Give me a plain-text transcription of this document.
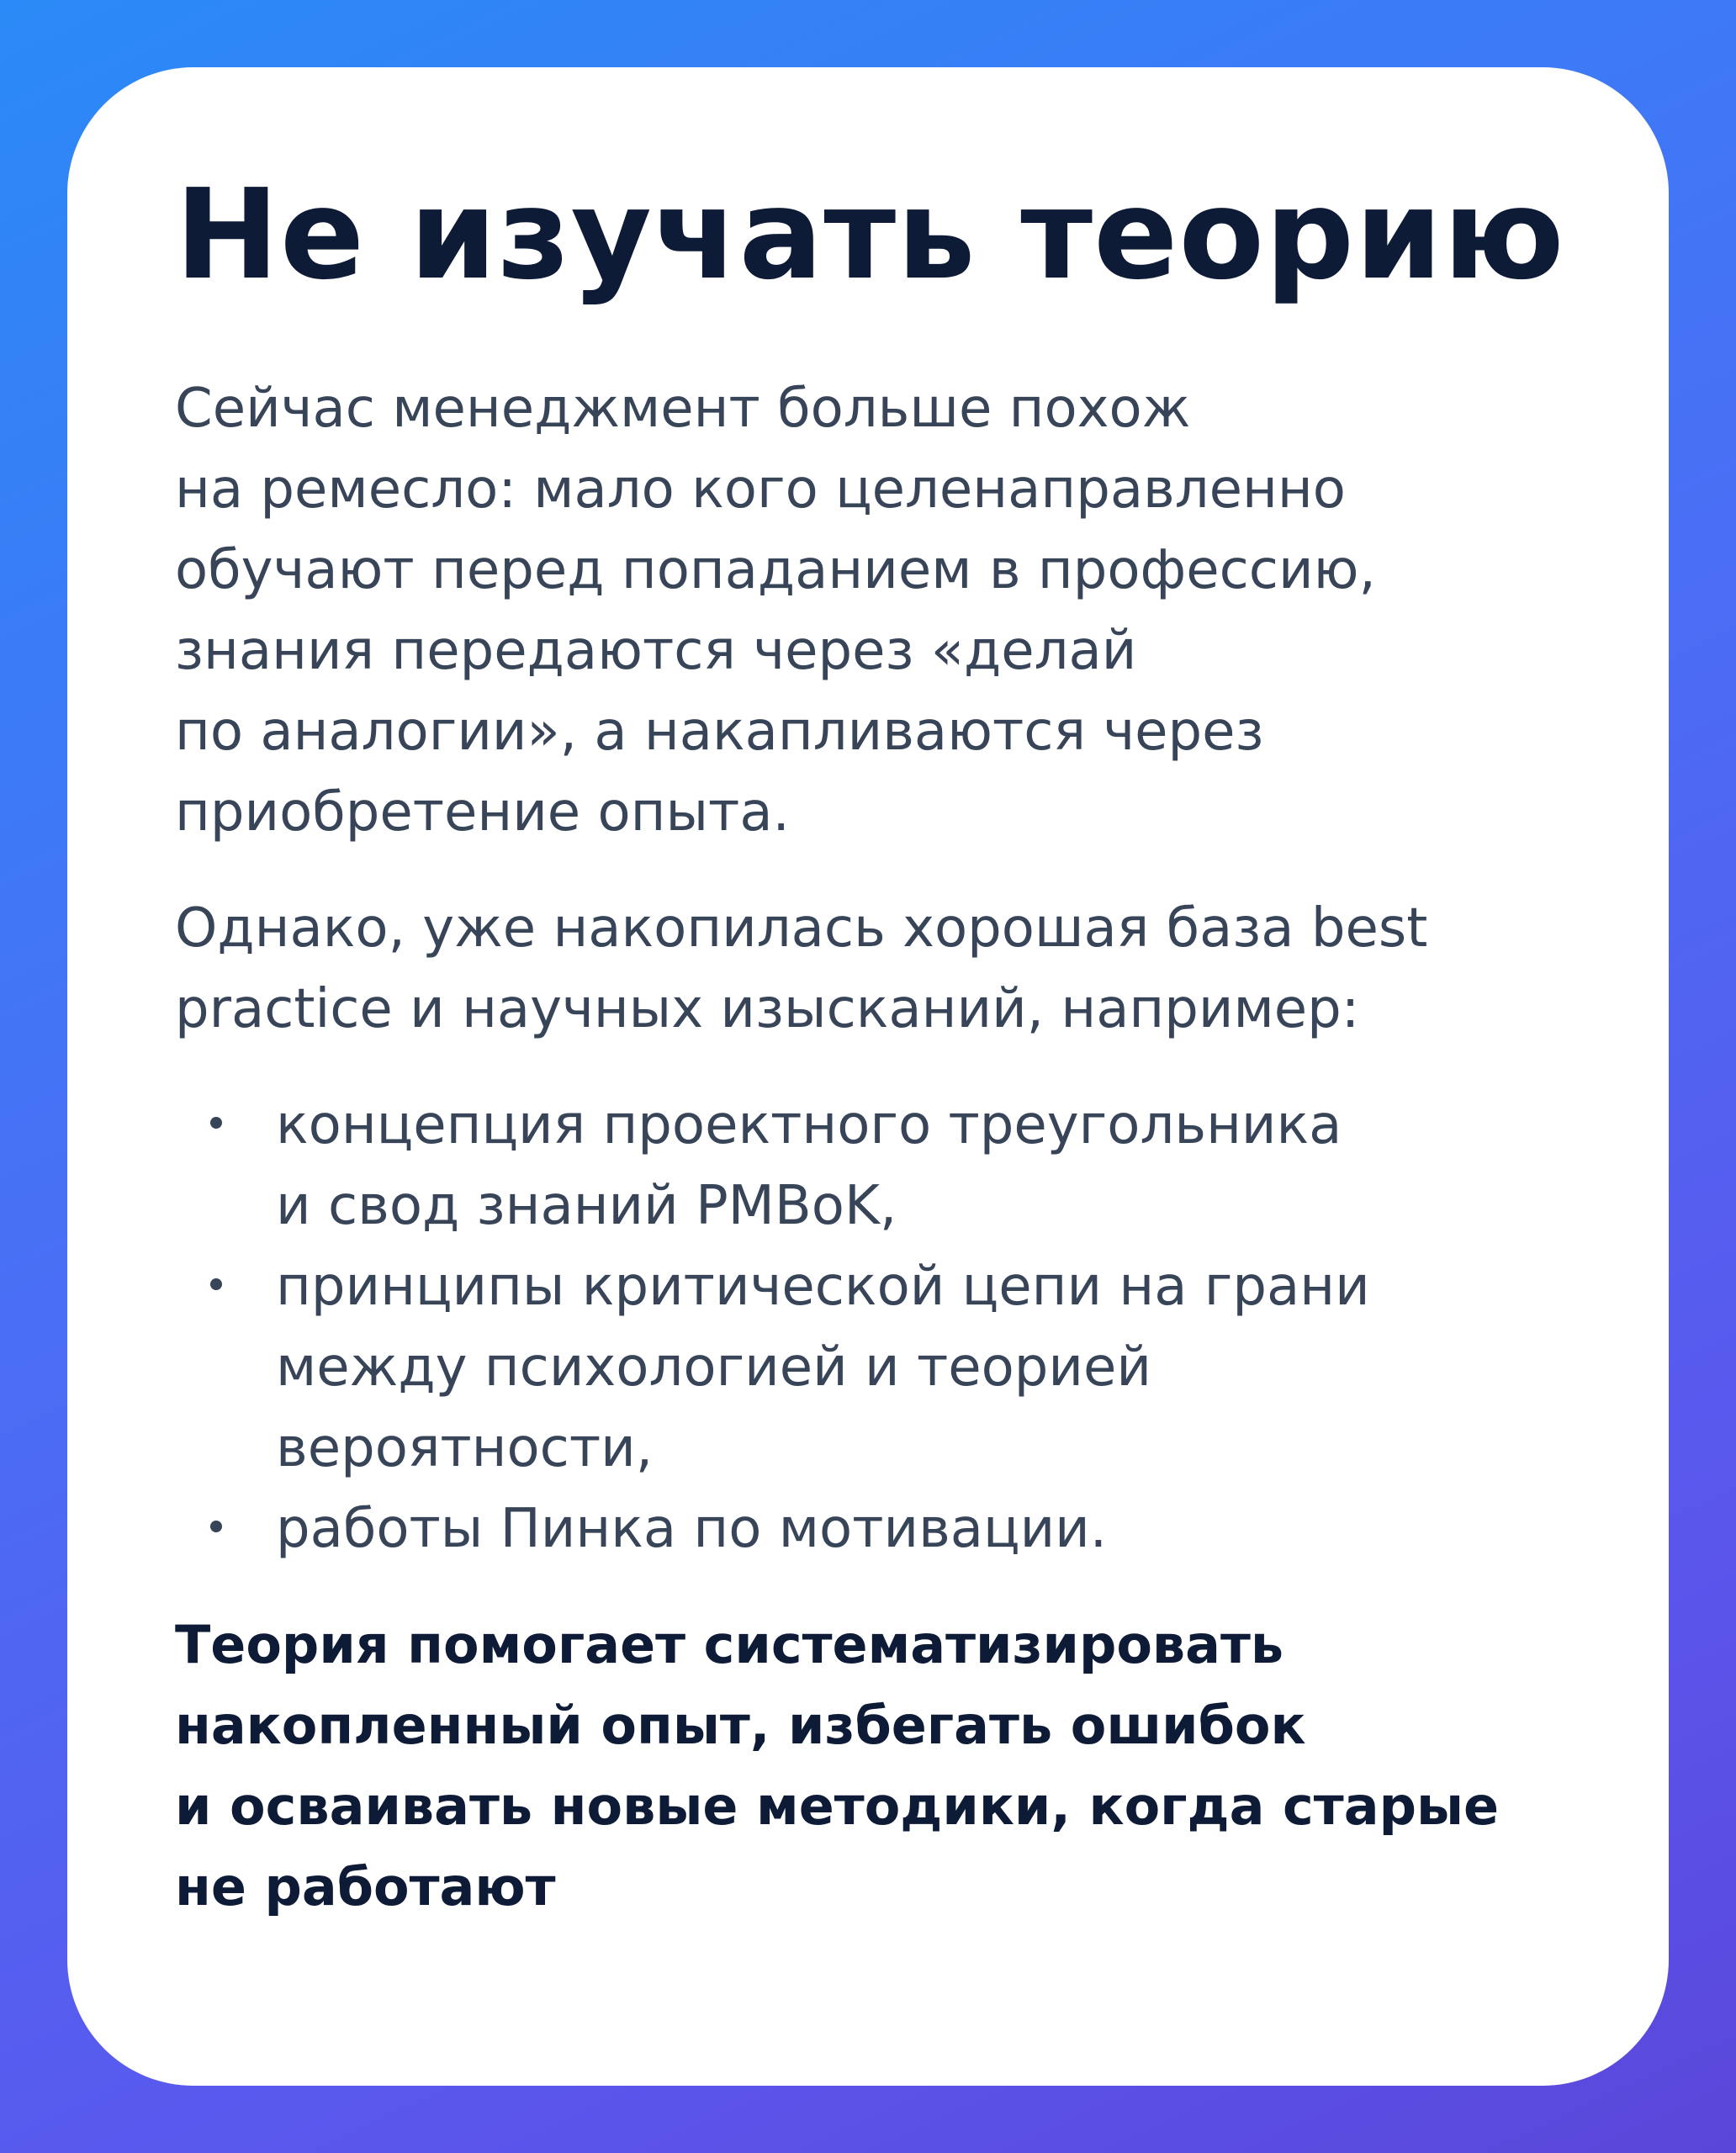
Не изучать теорию

Сейчас менеджмент больше похож
на ремесло: мало кого целенаправленно
обучают перед попаданием в профессию,
знания передаются через «делай
по аналогии», а накапливаются через
приобретение опыта.

Однако, уже накопилась хорошая база best
practice и научных изысканий, например:

концепция проектного треугольника
и свод знаний PMBoK,
принципы критической цепи на грани
между психологией и теорией
вероятности,
работы Пинка по мотивации.

Теория помогает систематизировать
накопленный опыт, избегать ошибок
и осваивать новые методики, когда старые
не работают
